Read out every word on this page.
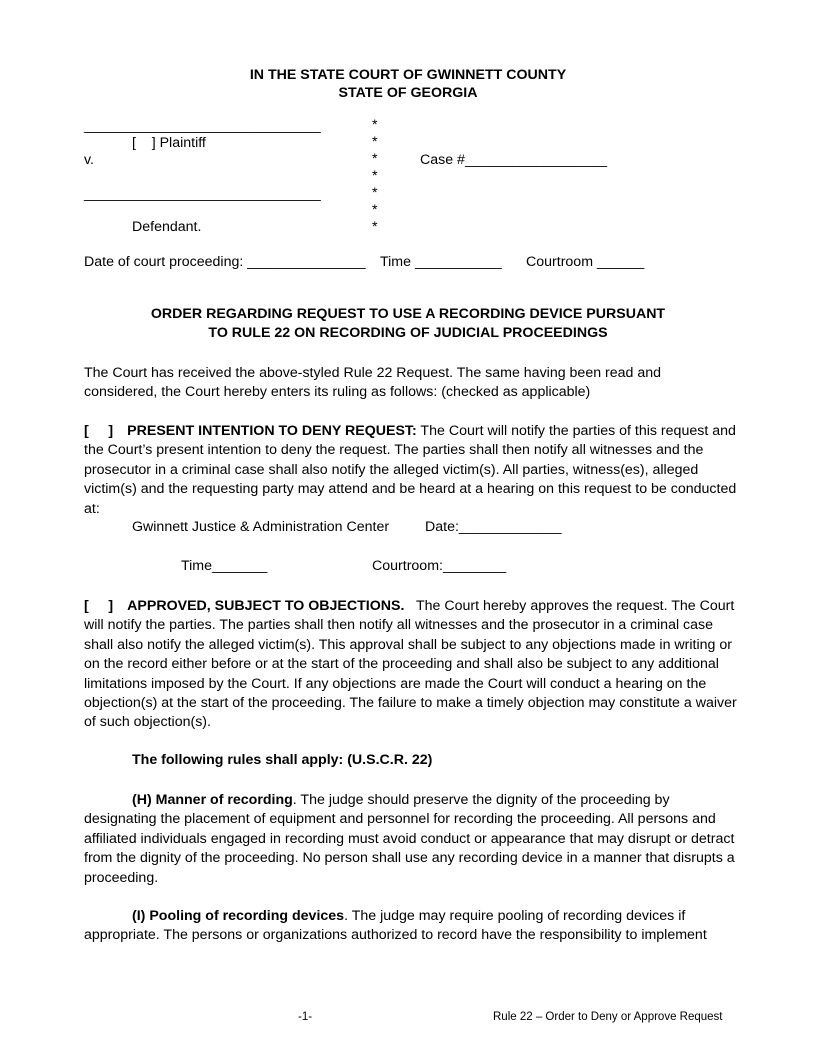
IN THE STATE COURT OF GWINNETT COUNTY
STATE OF GEORGIA
______________________________
[    ] Plaintiff
v.
______________________________
Defendant.
Case #__________________
*
*
*
*
*
*
*
Date of court proceeding: _______________ Time ___________ Courtroom ______
ORDER REGARDING REQUEST TO USE A RECORDING DEVICE PURSUANT
TO RULE 22 ON RECORDING OF JUDICIAL PROCEEDINGS
The Court has received the above-styled Rule 22 Request. The same having been read and considered, the Court hereby enters its ruling as follows: (checked as applicable)
[     ] PRESENT INTENTION TO DENY REQUEST: The Court will notify the parties of this request and the Court’s present intention to deny the request. The parties shall then notify all witnesses and the prosecutor in a criminal case shall also notify the alleged victim(s). All parties, witness(es), alleged victim(s) and the requesting party may attend and be heard at a hearing on this request to be conducted at:
Gwinnett Justice & Administration Center	Date:_____________
Time_______	Courtroom:________
[     ] APPROVED, SUBJECT TO OBJECTIONS.   The Court hereby approves the request. The Court will notify the parties. The parties shall then notify all witnesses and the prosecutor in a criminal case shall also notify the alleged victim(s). This approval shall be subject to any objections made in writing or on the record either before or at the start of the proceeding and shall also be subject to any additional limitations imposed by the Court. If any objections are made the Court will conduct a hearing on the objection(s) at the start of the proceeding. The failure to make a timely objection may constitute a waiver of such objection(s).
The following rules shall apply: (U.S.C.R. 22)
(H) Manner of recording. The judge should preserve the dignity of the proceeding by designating the placement of equipment and personnel for recording the proceeding. All persons and affiliated individuals engaged in recording must avoid conduct or appearance that may disrupt or detract from the dignity of the proceeding. No person shall use any recording device in a manner that disrupts a proceeding.
(I) Pooling of recording devices. The judge may require pooling of recording devices if appropriate. The persons or organizations authorized to record have the responsibility to implement
-1-	Rule 22 – Order to Deny or Approve Request
